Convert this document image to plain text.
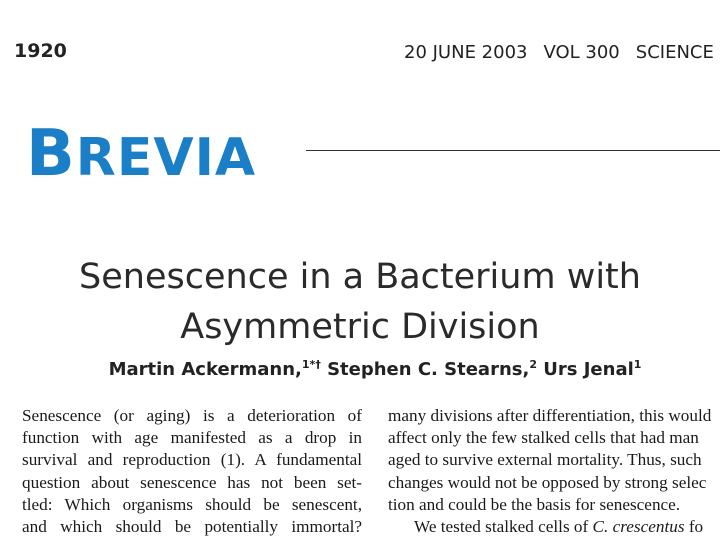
1920	20 JUNE 2003 VOL 300 SCIENCE
BREVIA
Senescence in a Bacterium with
Asymmetric Division
Martin Ackermann,$^{1*\dagger}$ Stephen C. Stearns,$^2$ Urs Jenal$^1$
Senescence (or aging) is a deterioration of
function with age manifested as a drop in
survival and reproduction (1). A fundamental
question about senescence has not been set-
tled: Which organisms should be senescent,
and which should be potentially immortal?
many divisions after differentiation, this would
affect only the few stalked cells that had man
aged to survive external mortality. Thus, such
changes would not be opposed by strong selec
tion and could be the basis for senescence.
We tested stalked cells of C. crescentus fo
